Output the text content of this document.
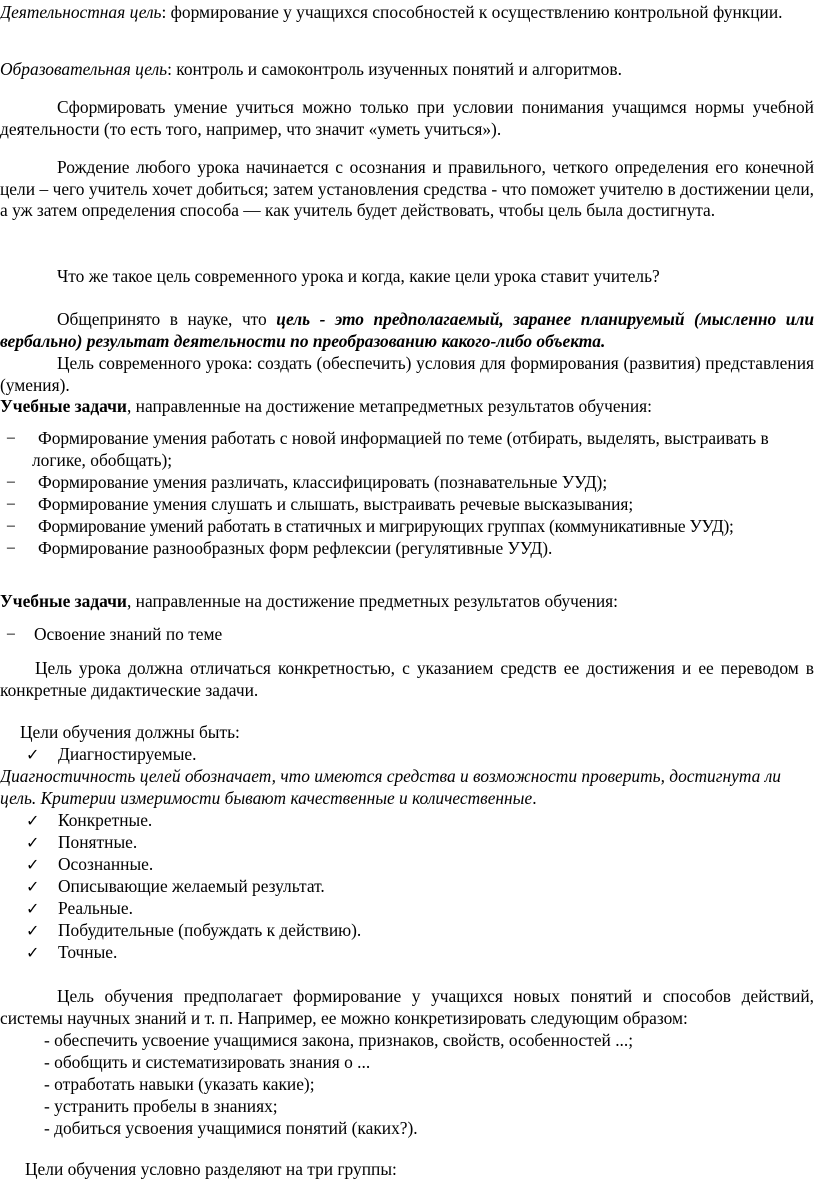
Деятельностная цель: формирование у учащихся способностей к осуществлению контрольной функции.

Образовательная цель: контроль и самоконтроль изученных понятий и алгоритмов.

Сформировать умение учиться можно только при условии понимания учащимся нормы учебной деятельности (то есть того, например, что значит «уметь учиться»).

Рождение любого урока начинается с осознания и правильного, четкого определения его конечной цели – чего учитель хочет добиться; затем установления средства - что поможет учителю в достижении цели, а уж затем определения способа — как учитель будет действовать, чтобы цель была достигнута.

Что же такое цель современного урока и когда, какие цели урока ставит учитель?

Общепринято в науке, что цель - это предполагаемый, заранее планируемый (мысленно или вербально) результат деятельности по преобразованию какого-либо объекта.

Цель современного урока: создать (обеспечить) условия для формирования (развития) представления (умения).

Учебные задачи, направленные на достижение метапредметных результатов обучения:

−	Формирование умения работать с новой информацией по теме (отбирать, выделять, выстраивать в логике, обобщать);
−	Формирование умения различать, классифицировать (познавательные УУД);
−	Формирование умения слушать и слышать, выстраивать речевые высказывания;
−	Формирование умений работать в статичных и мигрирующих группах (коммуникативные УУД);
−	Формирование разнообразных форм рефлексии (регулятивные УУД).

Учебные задачи, направленные на достижение предметных результатов обучения:

−	Освоение знаний по теме

Цель урока должна отличаться конкретностью, с указанием средств ее достижения и ее переводом в конкретные дидактические задачи.

Цели обучения должны быть:

✓	Диагностируемые.

Диагностичность целей обозначает, что имеются средства и возможности проверить, достигнута ли цель. Критерии измеримости бывают качественные и количественные.

✓	Конкретные.
✓	Понятные.
✓	Осознанные.
✓	Описывающие желаемый результат.
✓	Реальные.
✓	Побудительные (побуждать к действию).
✓	Точные.

Цель обучения предполагает формирование у учащихся новых понятий и способов действий, системы научных знаний и т. п. Например, ее можно конкретизировать следующим образом:

- обеспечить усвоение учащимися закона, признаков, свойств, особенностей ...;

- обобщить и систематизировать знания о ...

- отработать навыки (указать какие);

- устранить пробелы в знаниях;

- добиться усвоения учащимися понятий (каких?).

Цели обучения условно разделяют на три группы:
